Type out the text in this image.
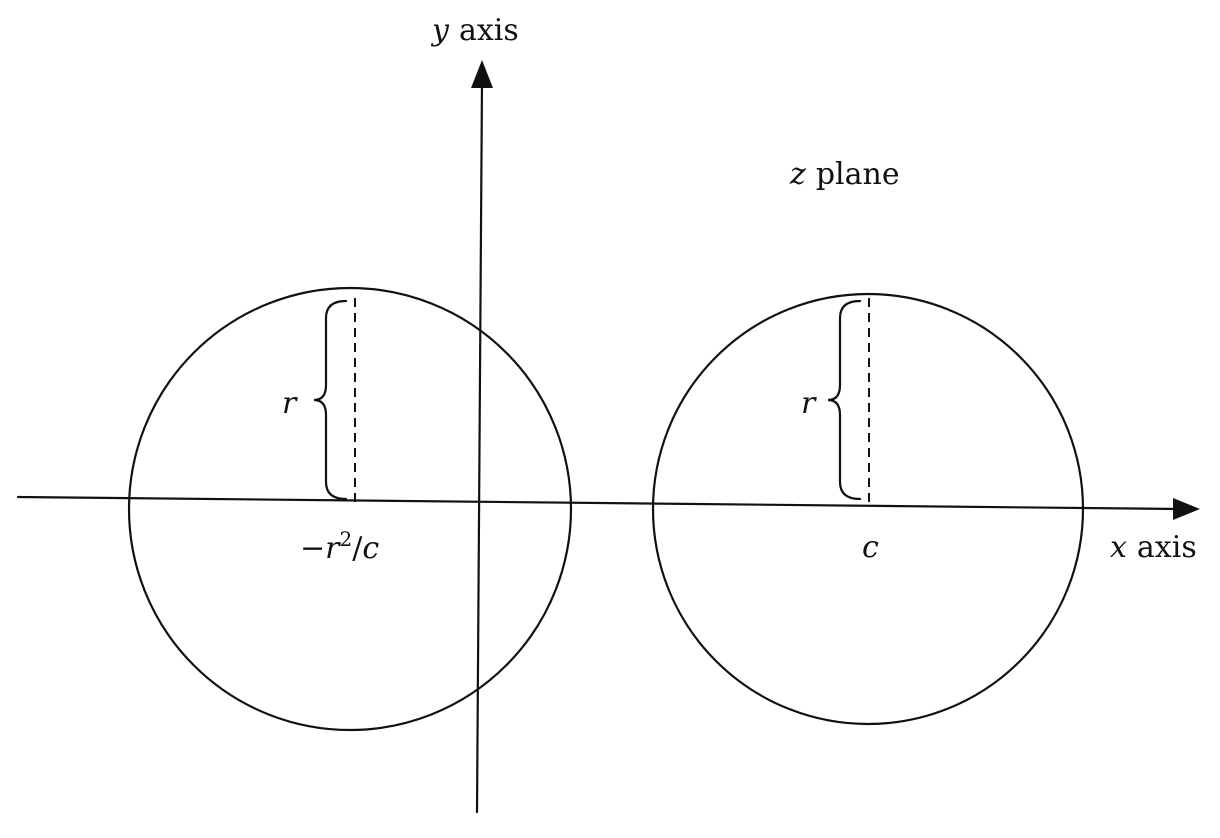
r
$-r^2/c$
r
c
y axis
x axis
z plane
